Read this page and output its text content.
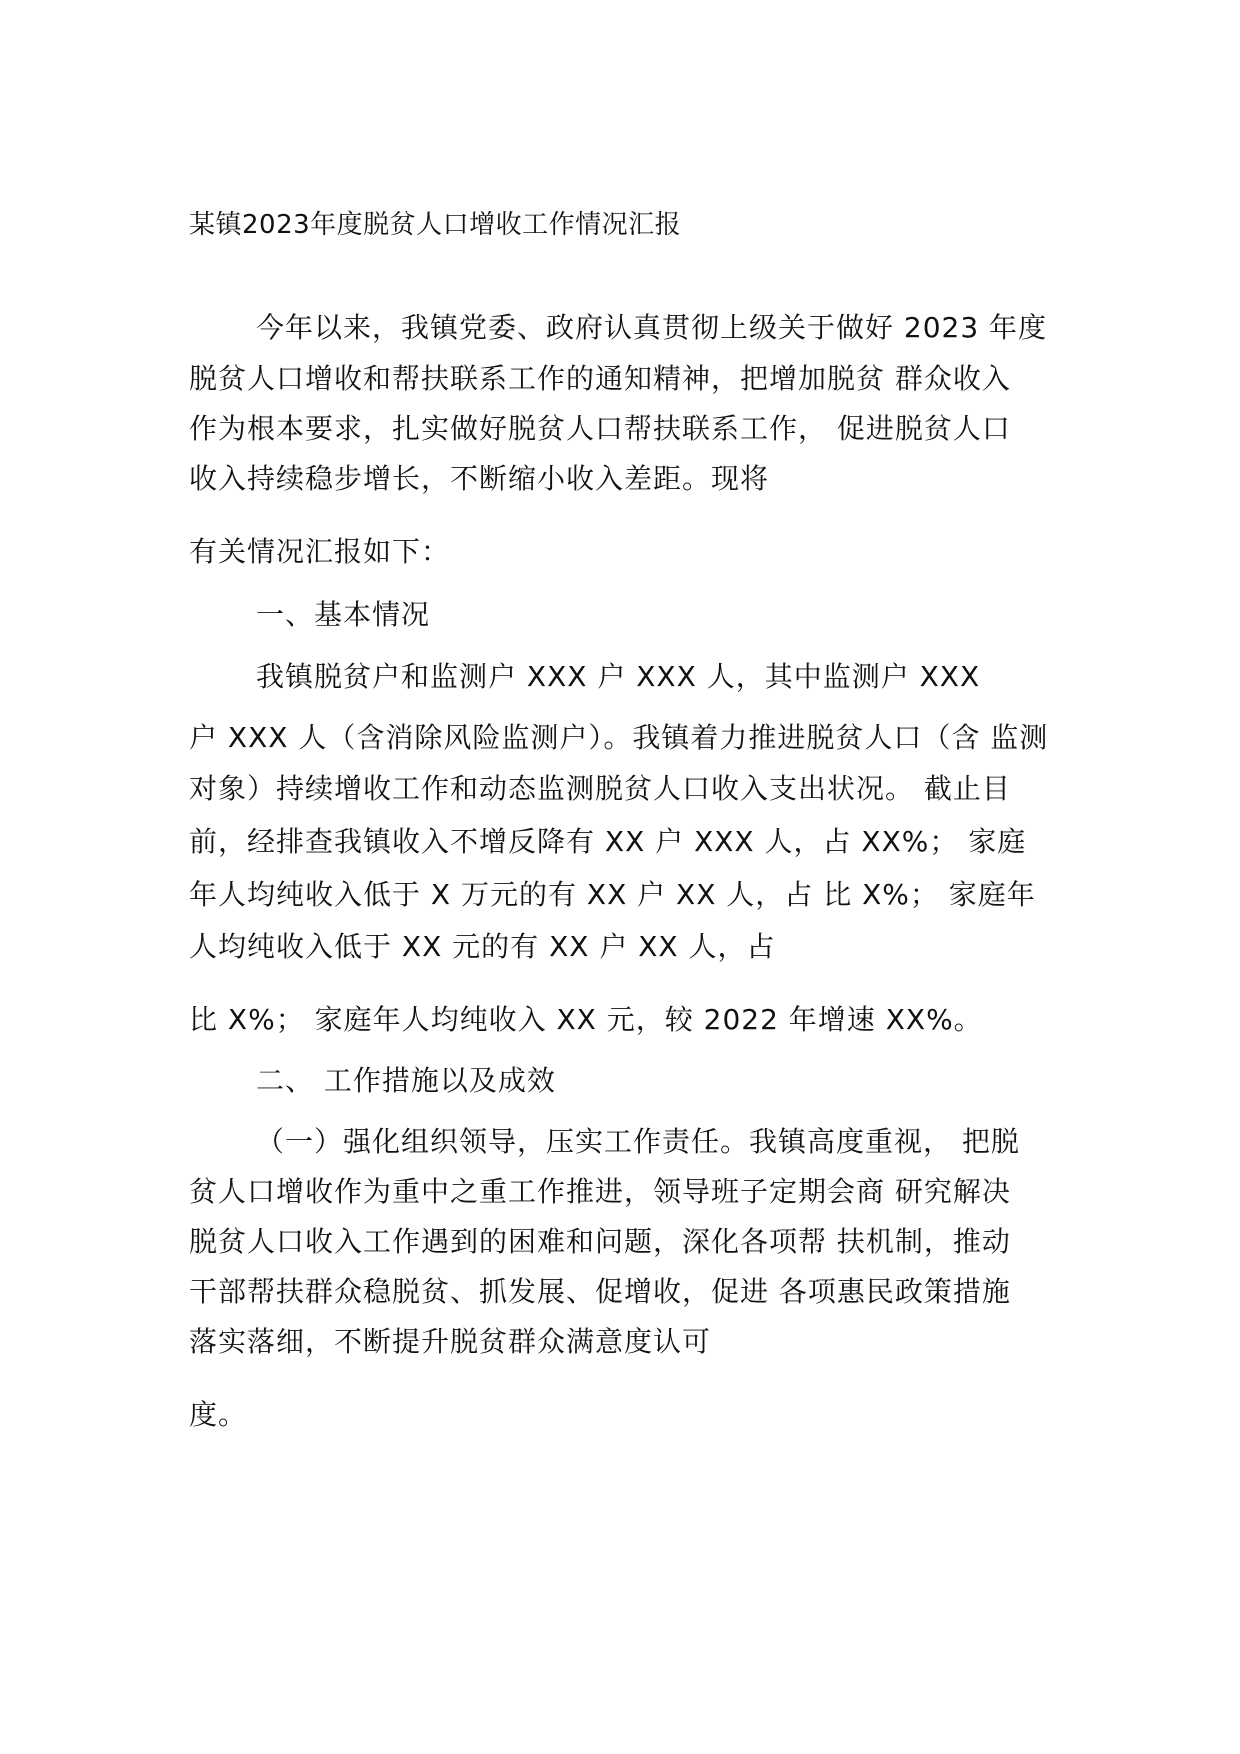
某镇2023年度脱贫人口增收工作情况汇报
今年以来，我镇党委、政府认真贯彻上级关于做好 2023 年度
脱贫人口增收和帮扶联系工作的通知精神，把增加脱贫 群众收入
作为根本要求，扎实做好脱贫人口帮扶联系工作， 促进脱贫人口
收入持续稳步增长，不断缩小收入差距。现将
有关情况汇报如下：
一、基本情况
我镇脱贫户和监测户 XXX 户 XXX 人，其中监测户 XXX
户 XXX 人（含消除风险监测户）。我镇着力推进脱贫人口（含 监测
对象）持续增收工作和动态监测脱贫人口收入支出状况。 截止目
前，经排查我镇收入不增反降有 XX 户 XXX 人，占 XX%； 家庭
年人均纯收入低于 X 万元的有 XX 户 XX 人，占 比 X%； 家庭年
人均纯收入低于 XX 元的有 XX 户 XX 人，占
比 X%； 家庭年人均纯收入 XX 元，较 2022 年增速 XX%。
二、 工作措施以及成效
（一）强化组织领导，压实工作责任。我镇高度重视， 把脱
贫人口增收作为重中之重工作推进，领导班子定期会商 研究解决
脱贫人口收入工作遇到的困难和问题，深化各项帮 扶机制，推动
干部帮扶群众稳脱贫、抓发展、促增收，促进 各项惠民政策措施
落实落细，不断提升脱贫群众满意度认可
度。
